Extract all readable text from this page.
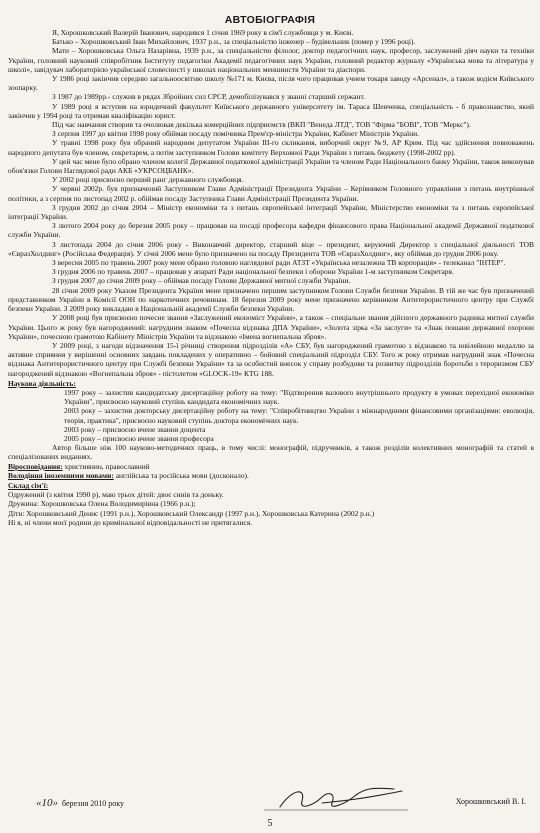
АВТОБІОГРАФІЯ

Я, Хорошковський Валерій Іванович, народився 1 січня 1969 року в сім'ї службовця у м. Києві.

Батько – Хорошковський Іван Михайлович, 1937 р.н., за спеціальністю інженер – будівельник (помер у 1996 році).

Мати – Хорошковська Ольга Назарівна, 1939 р.н., за спеціальністю філолог, доктор педагогічних наук, професор, заслужений діяч науки та техніки України, головний науковий співробітник Інституту педагогіки Академії педагогічних наук України, головний редактор журналу «Українська мова та література у школі», завідувач лабораторією української словесності у школах національних меншинств України та діаспори.

У 1986 році закінчив середню загальноосвітню школу №171 м. Києва, після чого працював учнем токаря заводу «Арсенал», а також водієм Київського зоопарку.

З 1987 до 1989рр.- служив в рядах Збройних сил СРСР, демобілізувався у званні старший сержант.

У 1989 році я вступив на юридичний факультет Київського державного університету ім. Тараса Шевченка, спеціальність - б правознавство, який закінчив у 1994 році та отримав кваліфікацію юрист.

Під час навчання створив та очолював декілька комерційних підприємств (ВКП "Венеда ЛТД", ТОВ "Фірма "БОВІ", ТОВ "Меркс").

З серпня 1997 до квітня 1998 року обіймав посаду помічника Прем'єр-міністра України, Кабінет Міністрів України.

У травні 1998 року був обраний народним депутатом України III-го скликання, виборчий округ №9, АР Крим. Під час здійснення повноважень народного депутата був членом, секретарем, а потім заступником Голови комітету Верховної Ради України з питань бюджету (1998-2002 рр).

У цей час мене було обрано членом колегії Державної податкової адміністрації України та членом Ради Національного банку України, також виконував обов'язки Голови Наглядової ради АКБ «УКРСОЦБАНК».

У 2002 році присвоєно перший ранг державного службовця.

У червні 2002р. був призначений Заступником Глави Адміністрації Президента України – Керівником Головного управління з питань внутрішньої політики, а з серпня по листопад 2002 р. обіймав посаду Заступника Глави Адміністрації Президента України.

З грудня 2002 до січня 2004 – Міністр економіки та з питань європейської інтеграції України, Міністерство економіки та з питань європейської інтеграції України.

З лютого 2004 року до березня 2005 року – працював на посаді професора кафедри фінансового права Національної академії Державної податкової служби України.

З листопада 2004 до січня 2006 року - Виконавчий директор, старший віце – президент, керуючий Директор з спеціальної діяльності ТОВ «ЄвразХолдинг» (Російська Федерація). У січні 2006 мене було призначено на посаду Президента ТОВ «ЄвразХолдинг», яку обіймав до грудня 2006 року.

З вересня 2005 по травень 2007 року мене обрано головою наглядової ради АТЗТ «Українська незалежна ТВ корпорація» - телеканал "ІНТЕР".

З грудня 2006 по травень 2007 – працював у апараті Ради національної безпеки і оборони України 1-м заступником Секретаря.

З грудня 2007 до січня 2009 року – обіймав посаду Голови Державної митної служби України.

28 січня 2009 року Указом Президента України мене призначено першим заступником Голови Служби безпеки України. В тій же час був призначений представником України в Комісії ООН по наркотичних речовинам. 18 березня 2009 року мене призначено керівником Антитерористичного центру при Службі безпеки України. З 2009 року викладаю в Національній академії Служби безпеки України.

У 2008 році був присвоєно почесне звання «Заслужений економіст України», а також – спеціальне звання дійсного державного радника митної служби України. Цього ж року був нагороджений: нагрудним знаком «Почесна відзнака ДПА України», «Золота зірка «За заслуги» та «Знак пошани державної охорони України», почесною грамотою Кабінету Міністрів України та відзнакою «Імена вогнепальна зброя».

У 2009 році, з нагоди відзначення 15-ї річниці створення підрозділів «А» СБУ, був нагороджений грамотою з відзнакою та ювілейною медаллю за активне сприяння у вирішенні основних завдань покладених у оперативно – бойовий спеціальний підрозділ СБУ. Того ж року отримав нагрудний знак «Почесна відзнака Антитерористичного центру при Службі безпеки України» та за особистий внесок у справу розбудови та розвитку підрозділів боротьби з тероризмом СБУ нагороджений відзнакою «Вогнепальна зброя» - пістолетом «GLOCK-19» КТG 188.

Наукова діяльність:

1997 року – захистив кандидатську дисертаційну роботу на тему: "Відтворення валового внутрішнього продукту в умовах перехідної економіки України", присвоєно науковий ступінь кандидата економічних наук.

2003 року – захистив докторську дисертаційну роботу на тему: "Співробітництво України з міжнародними фінансовими організаціями: еволюція, теорія, практика", присвоєно науковий ступінь доктора економічних наук.

2003 року – присвоєно вчене звання доцента

2005 року – присвоєно вчене звання професора

Автор більше ніж 100 науково-методичних праць, в тому числі: монографій, підручників, а також розділів колективних монографій та статей в спеціалізованих виданнях.

Віросповідання: християнин, православний

Володіння іноземними мовами: англійська та російська мови (досконало).

Склад сім'ї:

Одружений (з квітня 1990 р), маю трьох дітей: двоє синів та доньку.

Дружина: Хорошковська Олена Володимирівна (1966 р.н.);

Діти: Хорошковський Денис (1991 р.н.), Хорошковський Олександр (1997 р.н.), Хорошковська Катерина (2002 р.н.)

Ні я, ні члени моєї родини до кримінальної відповідальності не притягалися.

«10» березня 2010 року	Хорошковський В. І.
5
